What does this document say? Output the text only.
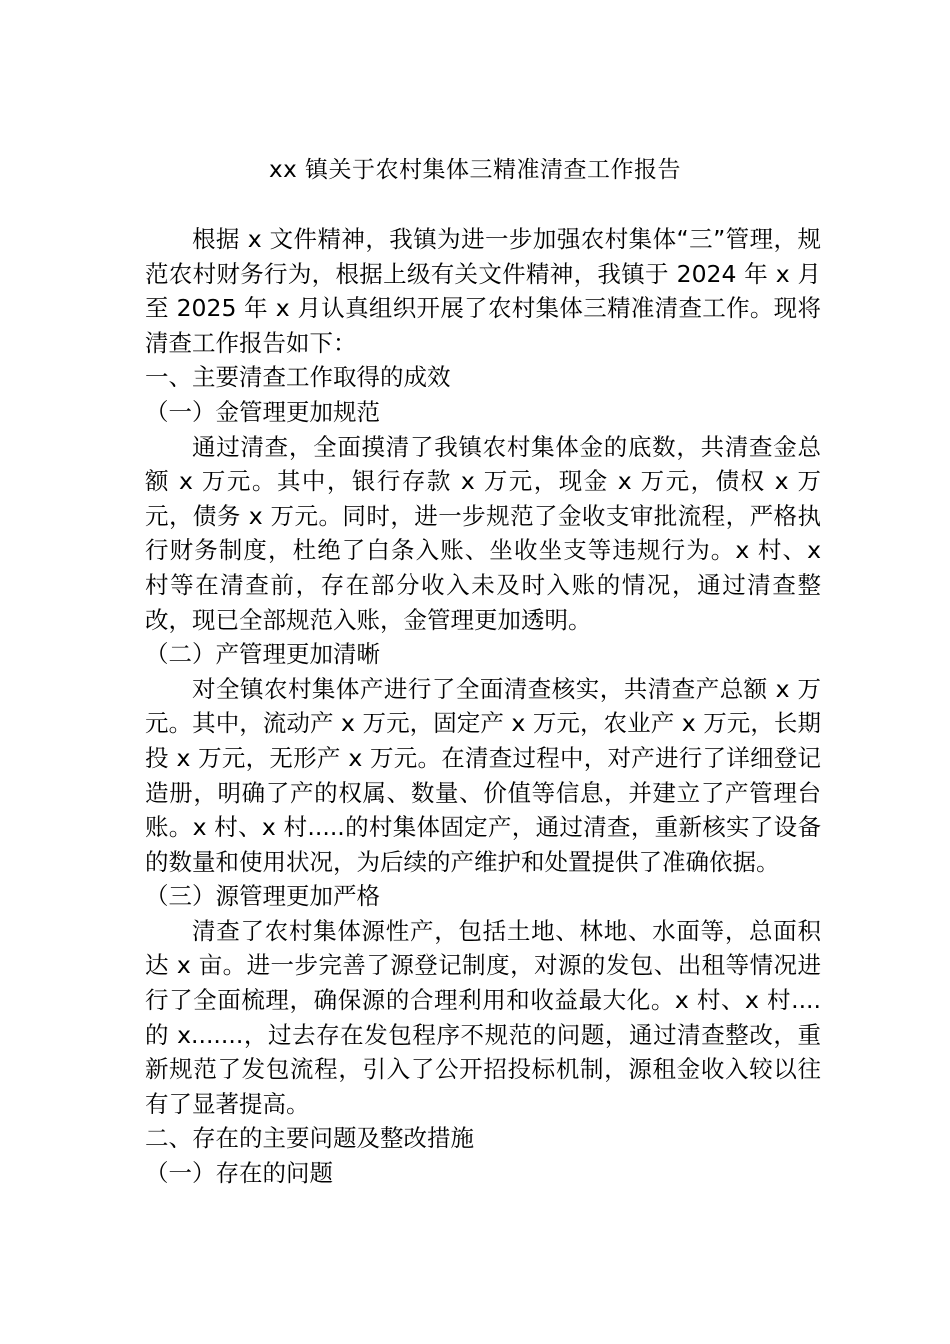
xx 镇关于农村集体三精准清查工作报告

根据 x 文件精神，我镇为进一步加强农村集体“三”管理，规范农村财务行为，根据上级有关文件精神，我镇于 2024 年 x 月至 2025 年 x 月认真组织开展了农村集体三精准清查工作。现将清查工作报告如下：

一、主要清查工作取得的成效

（一）金管理更加规范

通过清查，全面摸清了我镇农村集体金的底数，共清查金总额 x 万元。其中，银行存款 x 万元，现金 x 万元，债权 x 万元，债务 x 万元。同时，进一步规范了金收支审批流程，严格执行财务制度，杜绝了白条入账、坐收坐支等违规行为。x 村、x 村等在清查前，存在部分收入未及时入账的情况，通过清查整改，现已全部规范入账，金管理更加透明。

（二）产管理更加清晰

对全镇农村集体产进行了全面清查核实，共清查产总额 x 万元。其中，流动产 x 万元，固定产 x 万元，农业产 x 万元，长期投 x 万元，无形产 x 万元。在清查过程中，对产进行了详细登记造册，明确了产的权属、数量、价值等信息，并建立了产管理台账。x 村、x 村.....的村集体固定产，通过清查，重新核实了设备的数量和使用状况，为后续的产维护和处置提供了准确依据。

（三）源管理更加严格

清查了农村集体源性产，包括土地、林地、水面等，总面积达 x 亩。进一步完善了源登记制度，对源的发包、出租等情况进行了全面梳理，确保源的合理利用和收益最大化。x 村、x 村....的 x.......，过去存在发包程序不规范的问题，通过清查整改，重新规范了发包流程，引入了公开招投标机制，源租金收入较以往有了显著提高。

二、存在的主要问题及整改措施

（一）存在的问题
